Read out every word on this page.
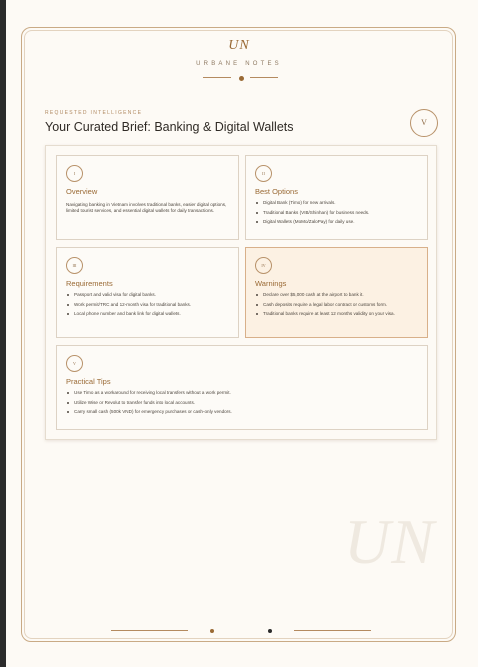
UN
URBANE NOTES
REQUESTED INTELLIGENCE
Your Curated Brief: Banking & Digital Wallets	V
I
Overview

Navigating banking in Vietnam involves traditional banks, easier digital options, limited tourist services, and essential digital wallets for daily transactions.

II
Best Options
Digital Bank (Timo) for new arrivals.
Traditional Banks (VIB/Shinhan) for business needs.
Digital Wallets (MoMo/ZaloPay) for daily use.
III
Requirements
Passport and valid visa for digital banks.
Work permit/TRC and 12-month visa for traditional banks.
Local phone number and bank link for digital wallets.
IV
Warnings
Declare over $5,000 cash at the airport to bank it.
Cash deposits require a legal labor contract or customs form.
Traditional banks require at least 12 months validity on your visa.
V
Practical Tips
Use Timo as a workaround for receiving local transfers without a work permit.
Utilize Wise or Revolut to transfer funds into local accounts.
Carry small cash (500k VND) for emergency purchases or cash-only vendors.
UN
